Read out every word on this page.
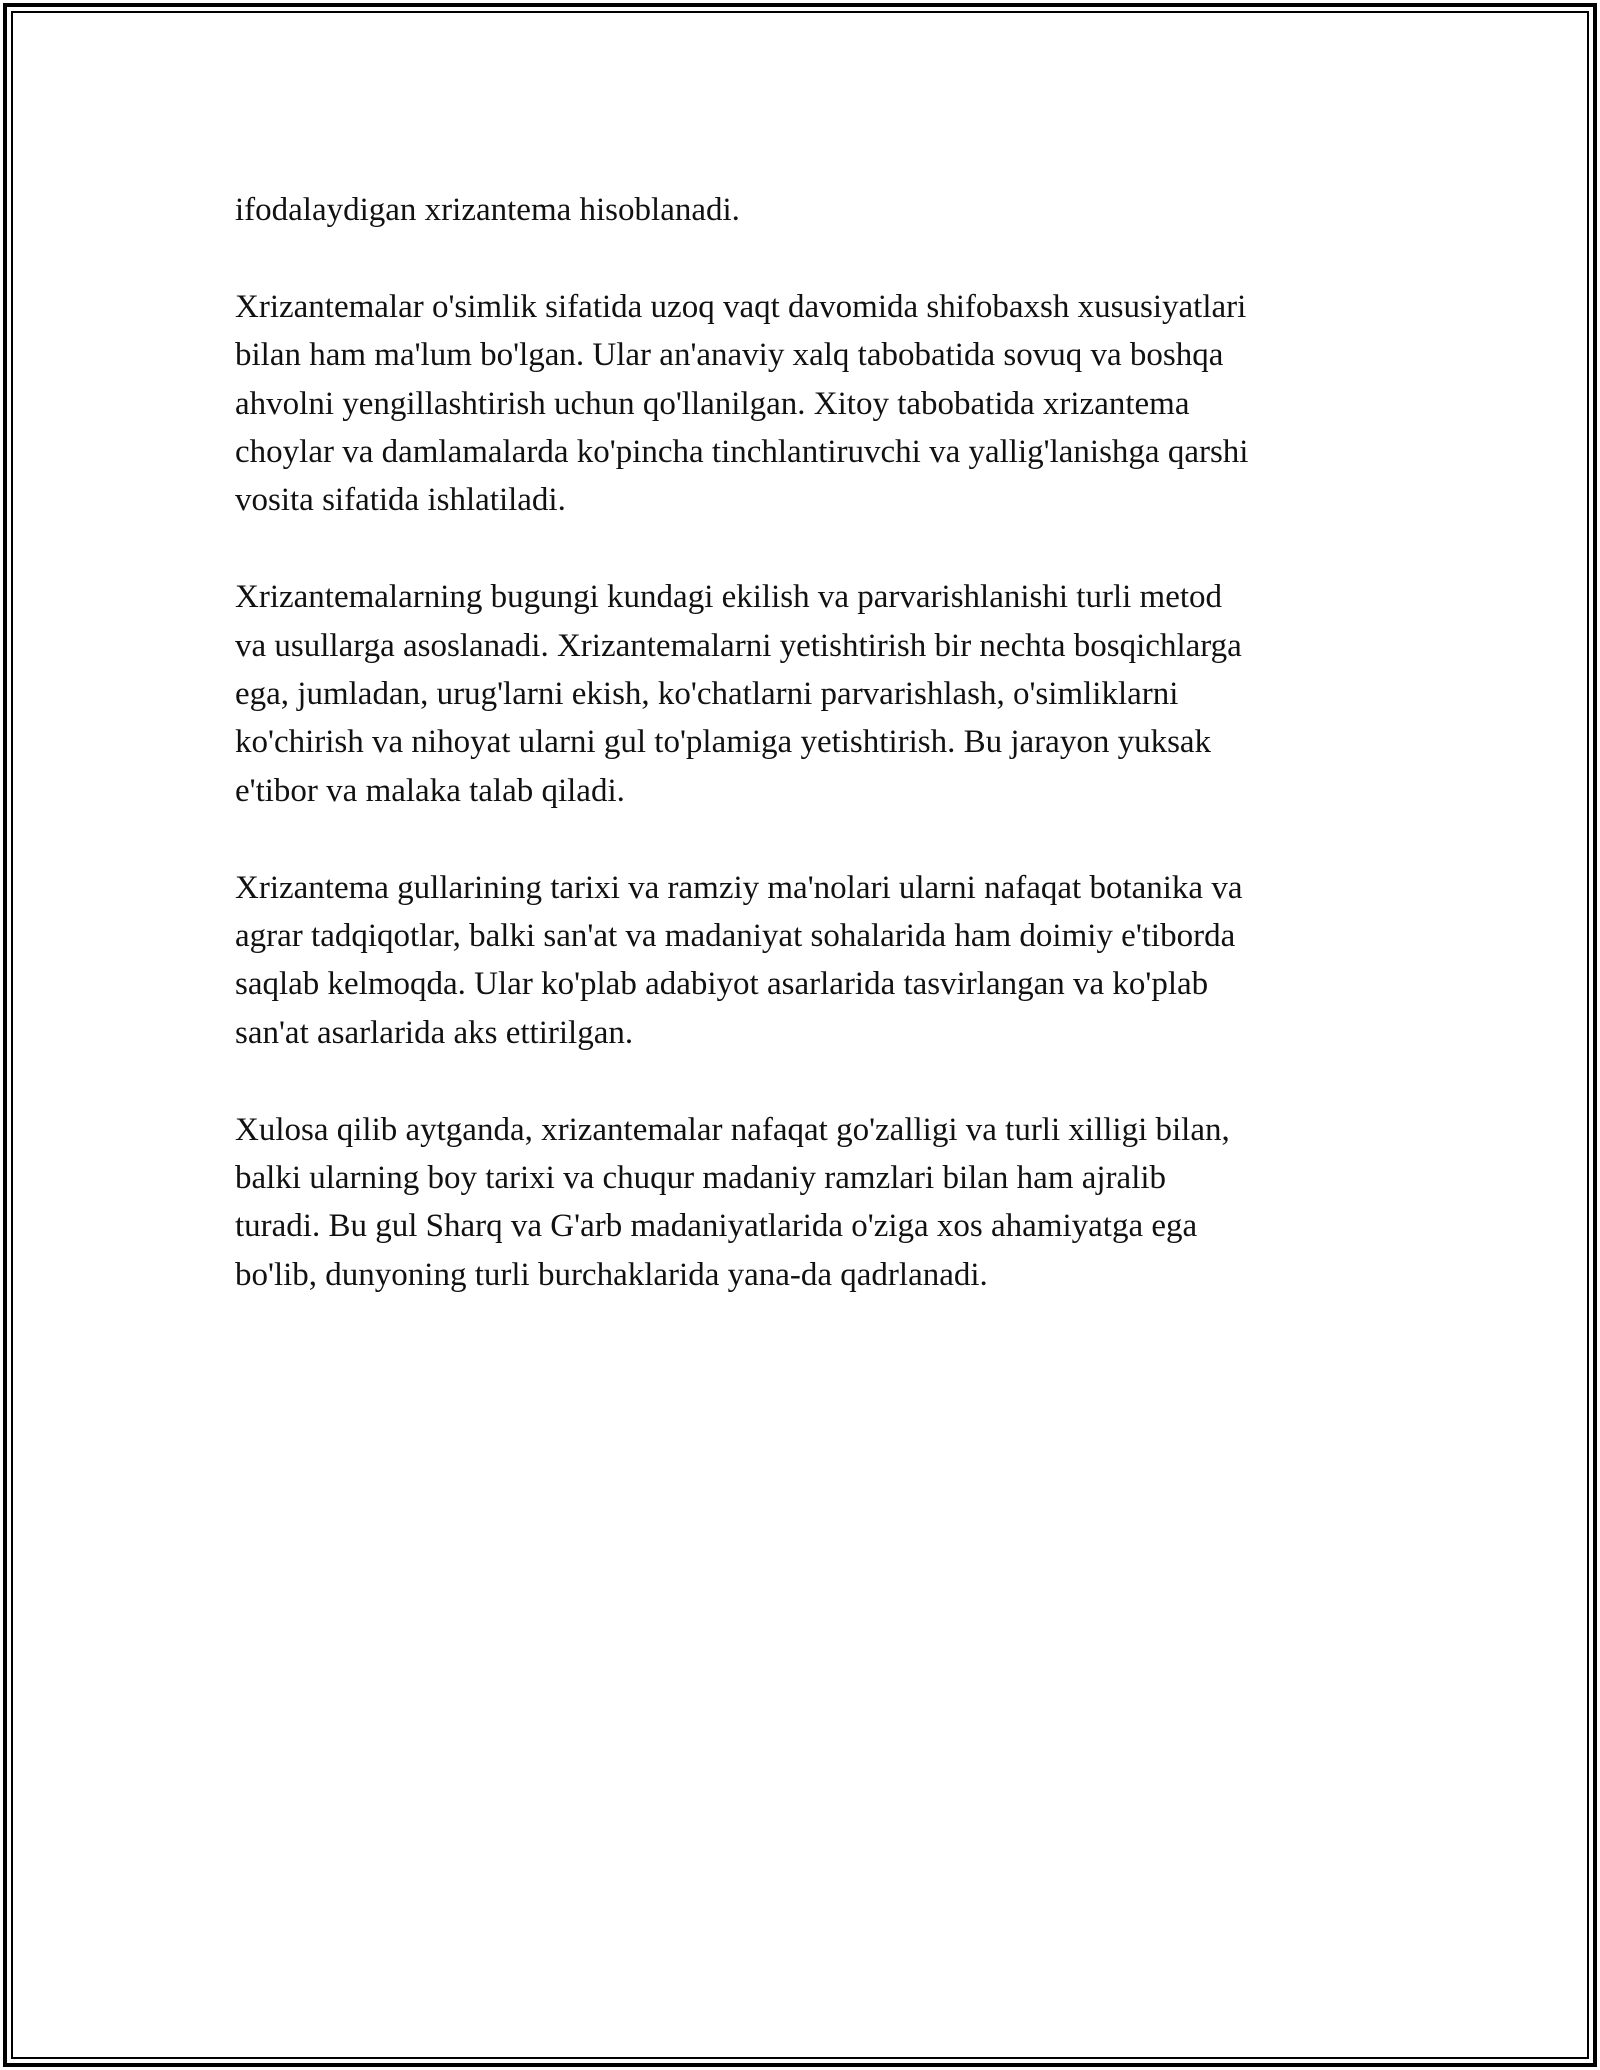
ifodalaydigan xrizantema hisoblanadi.

Xrizantemalar o'simlik sifatida uzoq vaqt davomida shifobaxsh xususiyatlari
bilan ham ma'lum bo'lgan. Ular an'anaviy xalq tabobatida sovuq va boshqa
ahvolni yengillashtirish uchun qo'llanilgan. Xitoy tabobatida xrizantema
choylar va damlamalarda ko'pincha tinchlantiruvchi va yallig'lanishga qarshi
vosita sifatida ishlatiladi.

Xrizantemalarning bugungi kundagi ekilish va parvarishlanishi turli metod
va usullarga asoslanadi. Xrizantemalarni yetishtirish bir nechta bosqichlarga
ega, jumladan, urug'larni ekish, ko'chatlarni parvarishlash, o'simliklarni
ko'chirish va nihoyat ularni gul to'plamiga yetishtirish. Bu jarayon yuksak
e'tibor va malaka talab qiladi.

Xrizantema gullarining tarixi va ramziy ma'nolari ularni nafaqat botanika va
agrar tadqiqotlar, balki san'at va madaniyat sohalarida ham doimiy e'tiborda
saqlab kelmoqda. Ular ko'plab adabiyot asarlarida tasvirlangan va ko'plab
san'at asarlarida aks ettirilgan.

Xulosa qilib aytganda, xrizantemalar nafaqat go'zalligi va turli xilligi bilan,
balki ularning boy tarixi va chuqur madaniy ramzlari bilan ham ajralib
turadi. Bu gul Sharq va G'arb madaniyatlarida o'ziga xos ahamiyatga ega
bo'lib, dunyoning turli burchaklarida yana-da qadrlanadi.
